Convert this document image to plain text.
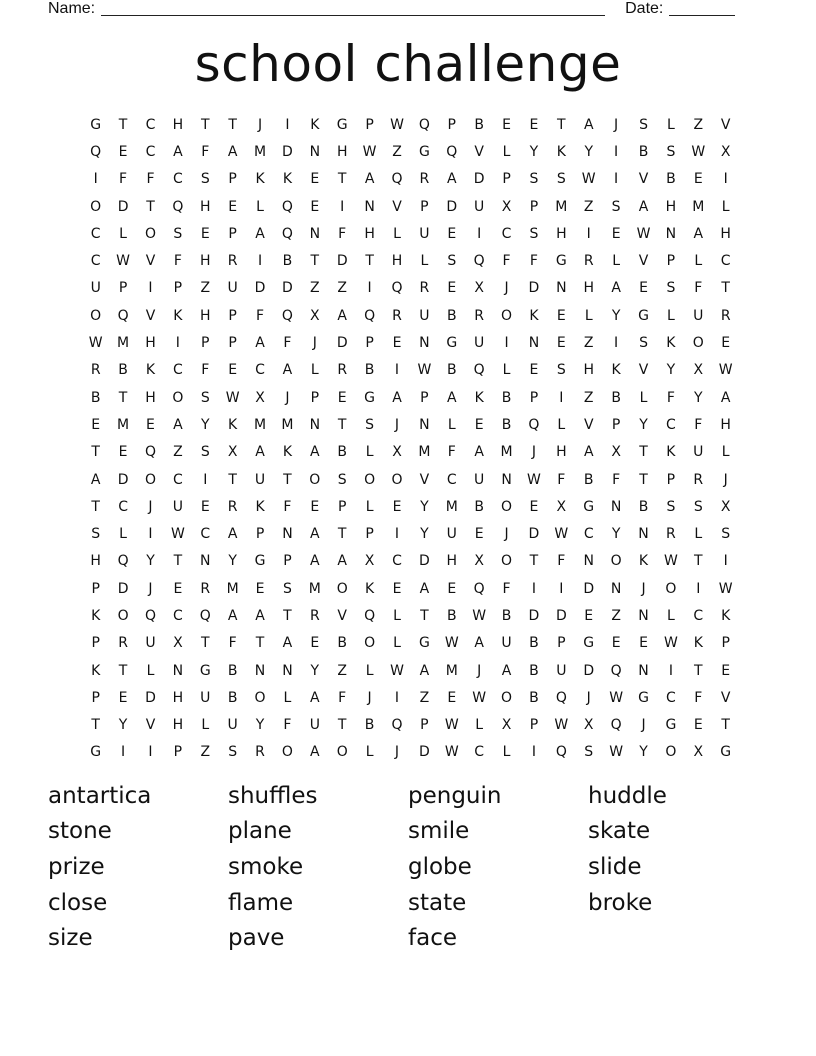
Name:	Date:
school challenge
G	T	C	H	T	T	J	I	K	G	P	W	Q	P	B	E	E	T	A	J	S	L	Z	V
Q	E	C	A	F	A	M	D	N	H	W	Z	G	Q	V	L	Y	K	Y	I	B	S	W	X
I	F	F	C	S	P	K	K	E	T	A	Q	R	A	D	P	S	S	W	I	V	B	E	I
O	D	T	Q	H	E	L	Q	E	I	N	V	P	D	U	X	P	M	Z	S	A	H	M	L
C	L	O	S	E	P	A	Q	N	F	H	L	U	E	I	C	S	H	I	E	W	N	A	H
C	W	V	F	H	R	I	B	T	D	T	H	L	S	Q	F	F	G	R	L	V	P	L	C
U	P	I	P	Z	U	D	D	Z	Z	I	Q	R	E	X	J	D	N	H	A	E	S	F	T
O	Q	V	K	H	P	F	Q	X	A	Q	R	U	B	R	O	K	E	L	Y	G	L	U	R
W	M	H	I	P	P	A	F	J	D	P	E	N	G	U	I	N	E	Z	I	S	K	O	E
R	B	K	C	F	E	C	A	L	R	B	I	W	B	Q	L	E	S	H	K	V	Y	X	W
B	T	H	O	S	W	X	J	P	E	G	A	P	A	K	B	P	I	Z	B	L	F	Y	A
E	M	E	A	Y	K	M	M	N	T	S	J	N	L	E	B	Q	L	V	P	Y	C	F	H
T	E	Q	Z	S	X	A	K	A	B	L	X	M	F	A	M	J	H	A	X	T	K	U	L
A	D	O	C	I	T	U	T	O	S	O	O	V	C	U	N	W	F	B	F	T	P	R	J
T	C	J	U	E	R	K	F	E	P	L	E	Y	M	B	O	E	X	G	N	B	S	S	X
S	L	I	W	C	A	P	N	A	T	P	I	Y	U	E	J	D	W	C	Y	N	R	L	S
H	Q	Y	T	N	Y	G	P	A	A	X	C	D	H	X	O	T	F	N	O	K	W	T	I
P	D	J	E	R	M	E	S	M	O	K	E	A	E	Q	F	I	I	D	N	J	O	I	W
K	O	Q	C	Q	A	A	T	R	V	Q	L	T	B	W	B	D	D	E	Z	N	L	C	K
P	R	U	X	T	F	T	A	E	B	O	L	G	W	A	U	B	P	G	E	E	W	K	P
K	T	L	N	G	B	N	N	Y	Z	L	W	A	M	J	A	B	U	D	Q	N	I	T	E
P	E	D	H	U	B	O	L	A	F	J	I	Z	E	W	O	B	Q	J	W	G	C	F	V
T	Y	V	H	L	U	Y	F	U	T	B	Q	P	W	L	X	P	W	X	Q	J	G	E	T
G	I	I	P	Z	S	R	O	A	O	L	J	D	W	C	L	I	Q	S	W	Y	O	X	G
antartica	shuffles	penguin	huddle
stone	plane	smile	skate
prize	smoke	globe	slide
close	flame	state	broke
size	pave	face
